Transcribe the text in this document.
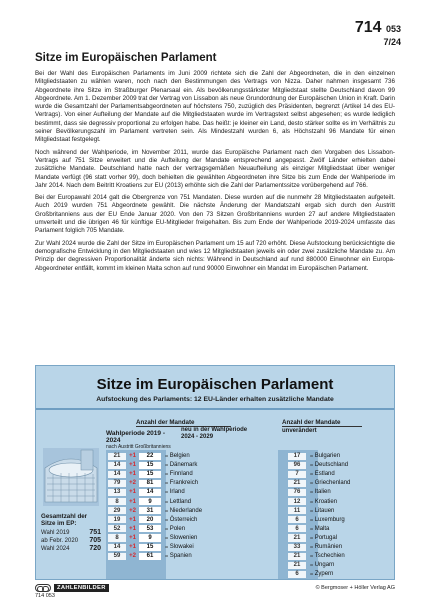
714 053
7/24
Sitze im Europäischen Parlament

Bei der Wahl des Europäischen Parlaments im Juni 2009 richtete sich die Zahl der Abgeordneten, die in den einzelnen Mitgliedstaaten zu wählen waren, noch nach den Bestimmungen des Vertrags von Nizza. Daher nahmen insgesamt 736 Abgeordnete ihre Sitze im Straßburger Plenarsaal ein. Als bevölkerungsstärkster Mitgliedstaat stellte Deutschland davon 99 Abgeordnete. Am 1. Dezember 2009 trat der Vertrag von Lissabon als neue Grundordnung der Europäischen Union in Kraft. Darin wurde die Gesamtzahl der Parlamentsabgeordneten auf höchstens 750, zuzüglich des Präsidenten, begrenzt (Artikel 14 des EU-Vertrags). Von einer Aufteilung der Mandate auf die Mitgliedstaaten wurde im Vertragstext selbst abgesehen; es wurde lediglich bestimmt, dass sie degressiv proportional zu erfolgen habe. Das heißt: je kleiner ein Land, desto stärker sollte es im Verhältnis zu seiner Bevölkerungszahl im Parlament vertreten sein. Als Mindestzahl wurden 6, als Höchstzahl 96 Mandate für einen Mitgliedstaat festgelegt.

Noch während der Wahlperiode, im November 2011, wurde das Europäische Parlament nach den Vorgaben des Lissabon-Vertrags auf 751 Sitze erweitert und die Aufteilung der Mandate entsprechend angepasst. Zwölf Länder erhielten dabei zusätzliche Mandate. Deutschland hatte nach der vertragsgemäßen Neuaufteilung als einziger Mitgliedstaat über weniger Mandate verfügt (96 statt vorher 99), doch behielten die gewählten Abgeordneten ihre Sitze bis zum Ende der Wahlperiode im Jahr 2014. Nach dem Beitritt Kroatiens zur EU (2013) erhöhte sich die Zahl der Parlamentssitze vorübergehend auf 766.

Bei der Europawahl 2014 galt die Obergrenze von 751 Mandaten. Diese wurden auf die nunmehr 28 Mitgliedstaaten aufgeteilt. Auch 2019 wurden 751 Abgeordnete gewählt. Die nächste Änderung der Mandatszahl ergab sich durch den Austritt Großbritanniens aus der EU Ende Januar 2020. Von den 73 Sitzen Großbritanniens wurden 27 auf andere Mitgliedstaaten umverteilt und die übrigen 46 für künftige EU-Mitglieder freigehalten. Bis zum Ende der Wahlperiode 2019-2024 umfasste das Parlament folglich 705 Mandate.

Zur Wahl 2024 wurde die Zahl der Sitze im Europäischen Parlament um 15 auf 720 erhöht. Diese Aufstockung berücksichtigte die demografische Entwicklung in den Mitgliedstaaten und wies 12 Mitgliedstaaten jeweils ein oder zwei zusätzliche Mandate zu. Am Prinzip der degressiven Proportionalität änderte sich nichts: Während in Deutschland auf rund 880000 Einwohner ein Europa-Abgeordneter entfällt, kommt im kleinen Malta schon auf rund 90000 Einwohner ein Mandat im Europäischen Parlament.

Sitze im Europäischen Parlament
Aufstockung des Parlaments: 12 EU-Länder erhalten zusätzliche Mandate
Anzahl der Mandate	Anzahl der Mandate
Wahlperiode 2019 - 2024
nach Austritt Großbritanniens
neu in der Wahlperiode 2024 - 2029
unverändert
21	+1	22	••• Belgien
14	+1	15	••• Dänemark
14	+1	15	••• Finnland
79	+2	81	••• Frankreich
13	+1	14	••• Irland
8	+1	9	••• Lettland
29	+2	31	••• Niederlande
19	+1	20	••• Österreich
52	+1	53	••• Polen
8	+1	9	••• Slowenien
14	+1	15	••• Slowakei
59	+2	61	••• Spanien
17	••• Bulgarien
96	••• Deutschland
7	••• Estland
21	••• Griechenland
76	••• Italien
12	••• Kroatien
11	••• Litauen
6	••• Luxemburg
6	••• Malta
21	••• Portugal
33	••• Rumänien
21	••• Tschechien
21	••• Ungarn
6	••• Zypern
Gesamtzahl der Sitze im EP:
Wahl 2019	751
ab Febr. 2020 705
Wahl 2024	720
ZAHLENBILDER	© Bergmoser + Höller Verlag AG
714 053
